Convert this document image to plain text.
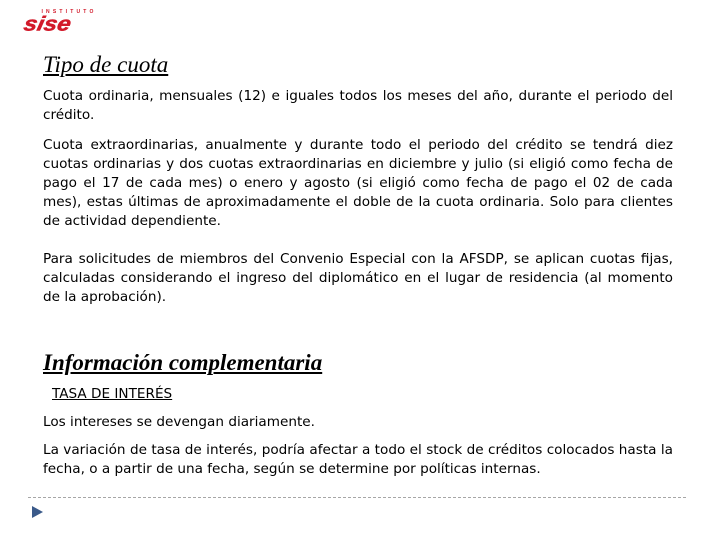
INSTITUTO
sise
Tipo de cuota

Cuota ordinaria, mensuales (12) e iguales todos los meses del año, durante el periodo del crédito.

Cuota extraordinarias, anualmente y durante todo el periodo del crédito se tendrá diez cuotas ordinarias y dos cuotas extraordinarias en diciembre y julio (si eligió como fecha de pago el 17 de cada mes) o enero y agosto (si eligió como fecha de pago el 02 de cada mes), estas últimas de aproximadamente el doble de la cuota ordinaria. Solo para clientes de actividad dependiente.

Para solicitudes de miembros del Convenio Especial con la AFSDP, se aplican cuotas fijas, calculadas considerando el ingreso del diplomático en el lugar de residencia (al momento de la aprobación).

Información complementaria

TASA DE INTERÉS

Los intereses se devengan diariamente.

La variación de tasa de interés, podría afectar a todo el stock de créditos colocados hasta la fecha, o a partir de una fecha, según se determine por políticas internas.
